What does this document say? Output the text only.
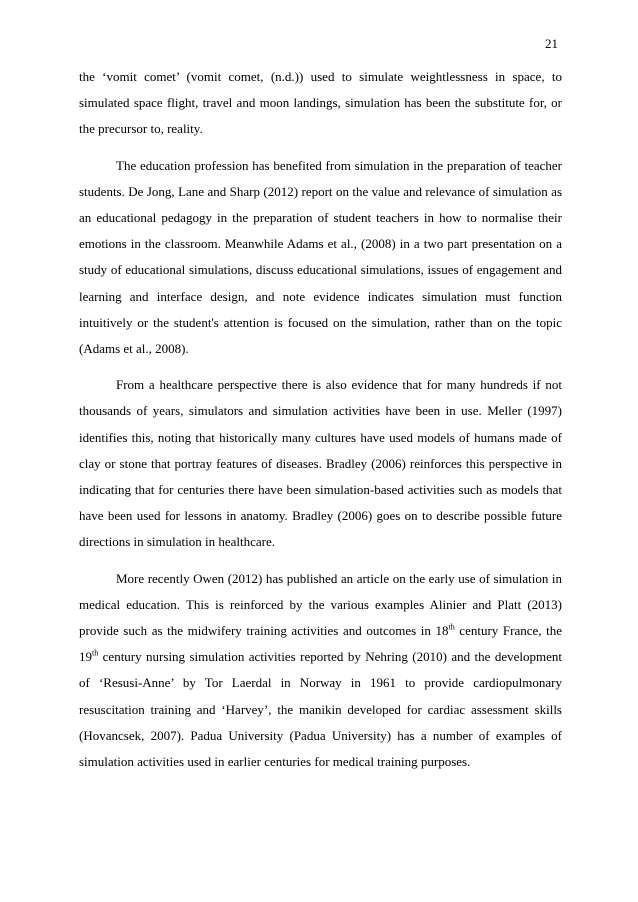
21

the ‘vomit comet’ (vomit comet, (n.d.)) used to simulate weightlessness in space, to simulated space flight, travel and moon landings, simulation has been the substitute for, or the precursor to, reality.

The education profession has benefited from simulation in the preparation of teacher students. De Jong, Lane and Sharp (2012) report on the value and relevance of simulation as an educational pedagogy in the preparation of student teachers in how to normalise their emotions in the classroom. Meanwhile Adams et al., (2008) in a two part presentation on a study of educational simulations, discuss educational simulations, issues of engagement and learning and interface design, and note evidence indicates simulation must function intuitively or the student's attention is focused on the simulation, rather than on the topic (Adams et al., 2008).

From a healthcare perspective there is also evidence that for many hundreds if not thousands of years, simulators and simulation activities have been in use. Meller (1997) identifies this, noting that historically many cultures have used models of humans made of clay or stone that portray features of diseases. Bradley (2006) reinforces this perspective in indicating that for centuries there have been simulation-based activities such as models that have been used for lessons in anatomy. Bradley (2006) goes on to describe possible future directions in simulation in healthcare.

More recently Owen (2012) has published an article on the early use of simulation in medical education. This is reinforced by the various examples Alinier and Platt (2013) provide such as the midwifery training activities and outcomes in 18th century France, the 19th century nursing simulation activities reported by Nehring (2010) and the development of ‘Resusi-Anne’ by Tor Laerdal in Norway in 1961 to provide cardiopulmonary resuscitation training and ‘Harvey’, the manikin developed for cardiac assessment skills (Hovancsek, 2007). Padua University (Padua University) has a number of examples of simulation activities used in earlier centuries for medical training purposes.
